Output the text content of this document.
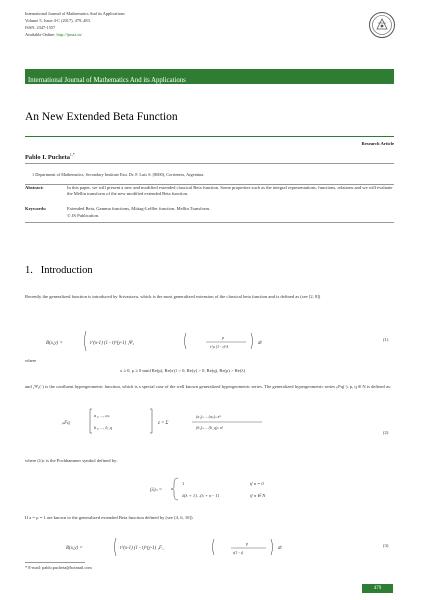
International Journal of Mathematics And its Applications
Volume 5, Issue 4-C (2017), 479–483.
ISSN: 2347-1557
Available Online: http://ijmaa.in/
International Journal of Mathematics And its Applications
An New Extended Beta Function
Research Article
Pablo I. Pucheta$^{1,*}$
1 Department of Mathematics, Secondary Institute Ezu. Dr. F. Luis S. (8000), Corrientes, Argentina.
Abstract:	In this paper, we will present a new and modified extended classical Beta function. Some properties such as the integral representations, functions, relations and we will evaluate the Mellin transform of the new modified extended Beta function.
Keywords:	Extended Beta, Gamma functions, Mittag-Leffler function, Mellin Transform.
© JS Publication.
1. Introduction
Recently the generalized function is introduced by Srivastava, which is the most generalized extension of the classical beta function and is defined as (see [2, 8])
B(x,y) =	t^(x-1) (1 - t)^(y-1) ₁Ψ₁
p
t^μ (1 - t)^λ
dt
(1)
where
x ≥ 0, μ ≥ 0 min{Re(p), Re(x)} > 0, Re(y) > 0, Re(q), Re(ρ) > Re(λ)
and ₁Ψ₁(·) is the confluent hypergeometric function, which is a special case of the well known generalized hypergeometric series. The generalized hypergeometric series ₚFq(·), p, q ∈ N is defined as:
ₚFq
a₁, ..., aₚ
b₁, ..., b_q
z = Σ
(a₁)ₙ ... (aₚ)ₙ zⁿ
(b₁)ₙ ... (b_q)ₙ n!
(2)
where (λ)ₙ is the Pochhammer symbol defined by:
(λ)ₙ =
1	if n = 0
λ(λ + 1)...(λ + n - 1)	if n ∈ N
If a = μ = 1 are known to the generalized extended Beta function defined by (see [4, 6, 10])
B(x,y) =	t^(x-1) (1 - t)^(y-1) ₁F₁
p
t(1 - t)
dt
(3)
* E-mail: pablo.pucheta@hotmail.com
479
